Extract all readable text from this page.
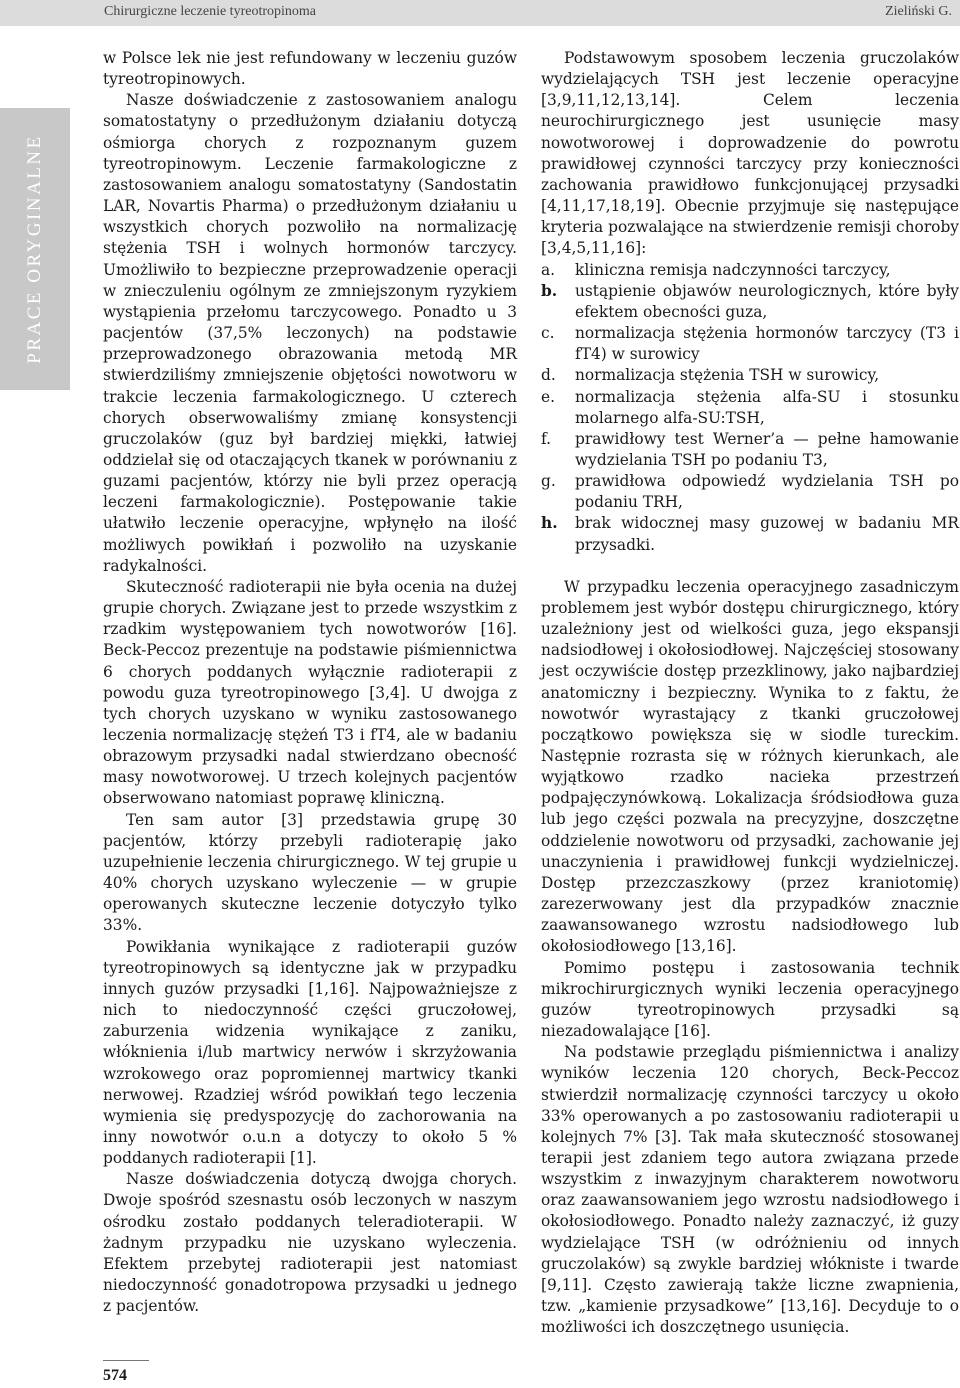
Chirurgiczne leczenie tyreotropinoma	Zieliński G.
PRACE ORYGINALNE

w Polsce lek nie jest refundowany w leczeniu guzów tyreotropinowych.

Nasze doświadczenie z zastosowaniem analogu somatostatyny o przedłużonym działaniu dotyczą ośmiorga chorych z rozpoznanym guzem tyreotropinowym. Leczenie farmakologiczne z zastosowaniem analogu somatostatyny (Sandostatin LAR, Novartis Pharma) o przedłużonym działaniu u wszystkich chorych pozwoliło na normalizację stężenia TSH i wolnych hormonów tarczycy. Umożliwiło to bezpieczne przeprowadzenie operacji w znieczuleniu ogólnym ze zmniejszonym ryzykiem wystąpienia przełomu tarczycowego. Ponadto u 3 pacjentów (37,5% leczonych) na podstawie przeprowadzonego obrazowania metodą MR stwierdziliśmy zmniejszenie objętości nowotworu w trakcie leczenia farmakologicznego. U czterech chorych obserwowaliśmy zmianę konsystencji gruczolaków (guz był bardziej miękki, łatwiej oddzielał się od otaczających tkanek w porównaniu z guzami pacjentów, którzy nie byli przez operacją leczeni farmakologicznie). Postępowanie takie ułatwiło leczenie operacyjne, wpłynęło na ilość możliwych powikłań i pozwoliło na uzyskanie radykalności.

Skuteczność radioterapii nie była ocenia na dużej grupie chorych. Związane jest to przede wszystkim z rzadkim występowaniem tych nowotworów [16]. Beck-Peccoz prezentuje na podstawie piśmiennictwa 6 chorych poddanych wyłącznie radioterapii z powodu guza tyreotropinowego [3,4]. U dwojga z tych chorych uzyskano w wyniku zastosowanego leczenia normalizację stężeń T3 i fT4, ale w badaniu obrazowym przysadki nadal stwierdzano obecność masy nowotworowej. U trzech kolejnych pacjentów obserwowano natomiast poprawę kliniczną.

Ten sam autor [3] przedstawia grupę 30 pacjentów, którzy przebyli radioterapię jako uzupełnienie leczenia chirurgicznego. W tej grupie u 40% chorych uzyskano wyleczenie — w grupie operowanych skuteczne leczenie dotyczyło tylko 33%.

Powikłania wynikające z radioterapii guzów tyreotropinowych są identyczne jak w przypadku innych guzów przysadki [1,16]. Najpoważniejsze z nich to niedoczynność części gruczołowej, zaburzenia widzenia wynikające z zaniku, włóknienia i/lub martwicy nerwów i skrzyżowania wzrokowego oraz popromiennej martwicy tkanki nerwowej. Rzadziej wśród powikłań tego leczenia wymienia się predyspozycję do zachorowania na inny nowotwór o.u.n a dotyczy to około 5 % poddanych radioterapii [1].

Nasze doświadczenia dotyczą dwojga chorych. Dwoje spośród szesnastu osób leczonych w naszym ośrodku zostało poddanych teleradioterapii. W żadnym przypadku nie uzyskano wyleczenia. Efektem przebytej radioterapii jest natomiast niedoczynność gonadotropowa przysadki u jednego z pacjentów.

Podstawowym sposobem leczenia gruczolaków wydzielających TSH jest leczenie operacyjne [3,9,11,12,13,14]. Celem leczenia neurochirurgicznego jest usunięcie masy nowotworowej i doprowadzenie do powrotu prawidłowej czynności tarczycy przy konieczności zachowania prawidłowo funkcjonującej przysadki [4,11,17,18,19]. Obecnie przyjmuje się następujące kryteria pozwalające na stwierdzenie remisji choroby [3,4,5,11,16]:

a.	kliniczna remisja nadczynności tarczycy,
b.	ustąpienie objawów neurologicznych, które były efektem obecności guza,
c.	normalizacja stężenia hormonów tarczycy (T3 i fT4) w surowicy
d.	normalizacja stężenia TSH w surowicy,
e.	normalizacja stężenia alfa-SU i stosunku molarnego alfa-SU:TSH,
f.	prawidłowy test Werner’a — pełne hamowanie wydzielania TSH po podaniu T3,
g.	prawidłowa odpowiedź wydzielania TSH po podaniu TRH,
h.	brak widocznej masy guzowej w badaniu MR przysadki.

W przypadku leczenia operacyjnego zasadniczym problemem jest wybór dostępu chirurgicznego, który uzależniony jest od wielkości guza, jego ekspansji nadsiodłowej i okołosiodłowej. Najczęściej stosowany jest oczywiście dostęp przezklinowy, jako najbardziej anatomiczny i bezpieczny. Wynika to z faktu, że nowotwór wyrastający z tkanki gruczołowej początkowo powiększa się w siodle tureckim. Następnie rozrasta się w różnych kierunkach, ale wyjątkowo rzadko nacieka przestrzeń podpajęczynówkową. Lokalizacja śródsiodłowa guza lub jego części pozwala na precyzyjne, doszczętne oddzielenie nowotworu od przysadki, zachowanie jej unaczynienia i prawidłowej funkcji wydzielniczej. Dostęp przezczaszkowy (przez kraniotomię) zarezerwowany jest dla przypadków znacznie zaawansowanego wzrostu nadsiodłowego lub okołosiodłowego [13,16].

Pomimo postępu i zastosowania technik mikrochirurgicznych wyniki leczenia operacyjnego guzów tyreotropinowych przysadki są niezadowalające [16].

Na podstawie przeglądu piśmiennictwa i analizy wyników leczenia 120 chorych, Beck-Peccoz stwierdził normalizację czynności tarczycy u około 33% operowanych a po zastosowaniu radioterapii u kolejnych 7% [3]. Tak mała skuteczność stosowanej terapii jest zdaniem tego autora związana przede wszystkim z inwazyjnym charakterem nowotworu oraz zaawansowaniem jego wzrostu nadsiodłowego i okołosiodłowego. Ponadto należy zaznaczyć, iż guzy wydzielające TSH (w odróżnieniu od innych gruczolaków) są zwykle bardziej włókniste i twarde [9,11]. Często zawierają także liczne zwapnienia, tzw. „kamienie przysadkowe” [13,16]. Decyduje to o możliwości ich doszczętnego usunięcia.

574
